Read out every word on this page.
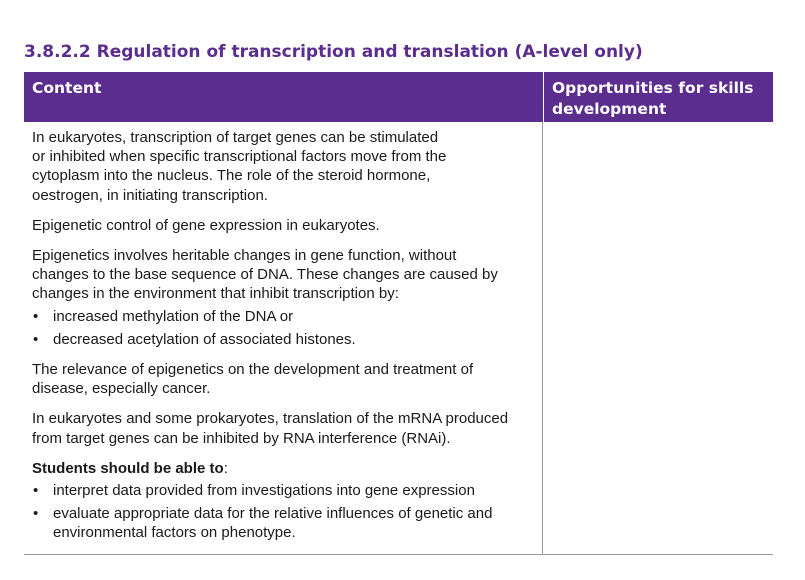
3.8.2.2 Regulation of transcription and translation (A-level only)
Content	Opportunities for skills
development
In eukaryotes, transcription of target genes can be stimulated
or inhibited when specific transcriptional factors move from the
cytoplasm into the nucleus. The role of the steroid hormone,
oestrogen, in initiating transcription.
Epigenetic control of gene expression in eukaryotes.
Epigenetics involves heritable changes in gene function, without
changes to the base sequence of DNA. These changes are caused by
changes in the environment that inhibit transcription by:
• increased methylation of the DNA or
• decreased acetylation of associated histones.
The relevance of epigenetics on the development and treatment of
disease, especially cancer.
In eukaryotes and some prokaryotes, translation of the mRNA produced
from target genes can be inhibited by RNA interference (RNAi).
Students should be able to:
• interpret data provided from investigations into gene expression
• evaluate appropriate data for the relative influences of genetic and
environmental factors on phenotype.
